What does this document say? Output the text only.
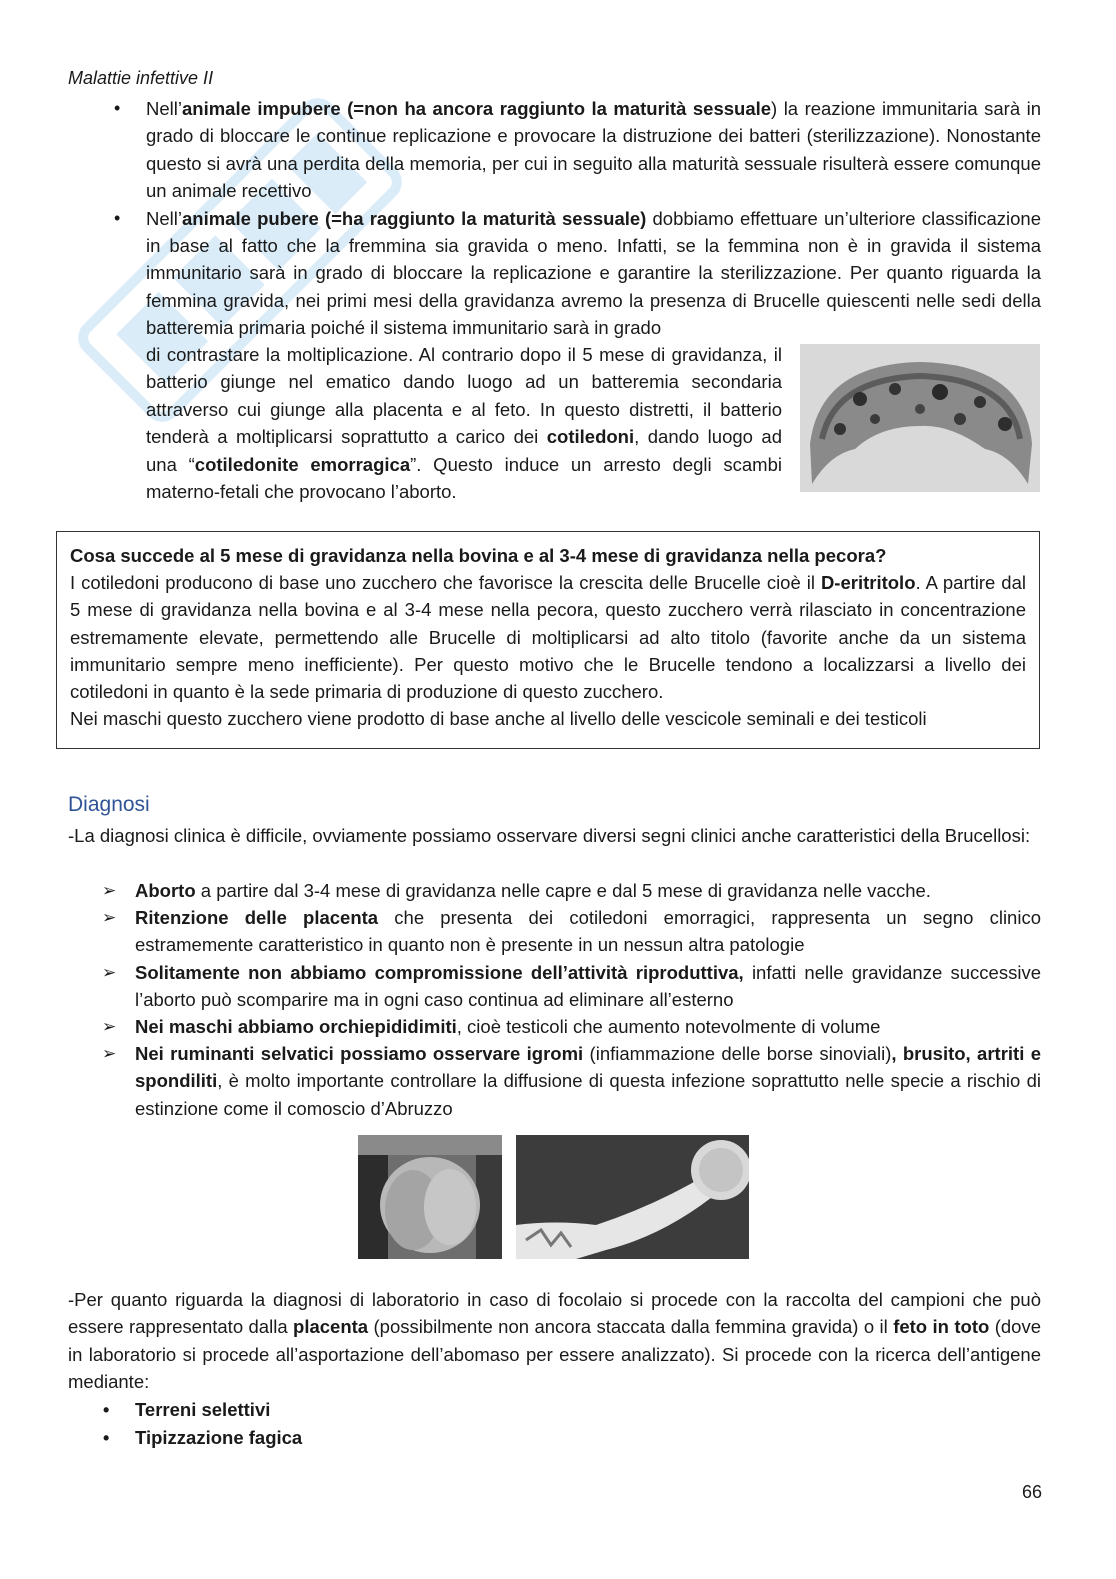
Malattie infettive II
• Nell’animale impubere (=non ha ancora raggiunto la maturità sessuale) la reazione immunitaria sarà in grado di bloccare le continue replicazione e provocare la distruzione dei batteri (sterilizzazione). Nonostante questo si avrà una perdita della memoria, per cui in seguito alla maturità sessuale risulterà essere comunque un animale recettivo
• Nell’animale pubere (=ha raggiunto la maturità sessuale) dobbiamo effettuare un’ulteriore classificazione in base al fatto che la fremmina sia gravida o meno. Infatti, se la femmina non è in gravida il sistema immunitario sarà in grado di bloccare la replicazione e garantire la sterilizzazione. Per quanto riguarda la femmina gravida, nei primi mesi della gravidanza avremo la presenza di Brucelle quiescenti nelle sedi della batteremia primaria poiché il sistema immunitario sarà in grado
di contrastare la moltiplicazione. Al contrario dopo il 5 mese di gravidanza, il batterio giunge nel ematico dando luogo ad un batteremia secondaria attraverso cui giunge alla placenta e al feto. In questo distretti, il batterio tenderà a moltiplicarsi soprattutto a carico dei cotiledoni, dando luogo ad una “cotiledonite emorragica”. Questo induce un arresto degli scambi materno-fetali che provocano l’aborto.

Cosa succede al 5 mese di gravidanza nella bovina e al 3-4 mese di gravidanza nella pecora?

I cotiledoni producono di base uno zucchero che favorisce la crescita delle Brucelle cioè il D-eritritolo. A partire dal 5 mese di gravidanza nella bovina e al 3-4 mese nella pecora, questo zucchero verrà rilasciato in concentrazione estremamente elevate, permettendo alle Brucelle di moltiplicarsi ad alto titolo (favorite anche da un sistema immunitario sempre meno inefficiente). Per questo motivo che le Brucelle tendono a localizzarsi a livello dei cotiledoni in quanto è la sede primaria di produzione di questo zucchero.

Nei maschi questo zucchero viene prodotto di base anche al livello delle vescicole seminali e dei testicoli

Diagnosi
-La diagnosi clinica è difficile, ovviamente possiamo osservare diversi segni clinici anche caratteristici della Brucellosi:
➢ Aborto a partire dal 3-4 mese di gravidanza nelle capre e dal 5 mese di gravidanza nelle vacche.
➢ Ritenzione delle placenta che presenta dei cotiledoni emorragici, rappresenta un segno clinico estramemente caratteristico in quanto non è presente in un nessun altra patologie
➢ Solitamente non abbiamo compromissione dell’attività riproduttiva, infatti nelle gravidanze successive l’aborto può scomparire ma in ogni caso continua ad eliminare all’esterno
➢ Nei maschi abbiamo orchiepididimiti, cioè testicoli che aumento notevolmente di volume
➢ Nei ruminanti selvatici possiamo osservare igromi (infiammazione delle borse sinoviali), brusito, artriti e spondiliti, è molto importante controllare la diffusione di questa infezione soprattutto nelle specie a rischio di estinzione come il comoscio d’Abruzzo
-Per quanto riguarda la diagnosi di laboratorio in caso di focolaio si procede con la raccolta del campioni che può essere rappresentato dalla placenta (possibilmente non ancora staccata dalla femmina gravida) o il feto in toto (dove in laboratorio si procede all’asportazione dell’abomaso per essere analizzato). Si procede con la ricerca dell’antigene mediante:
• Terreni selettivi
• Tipizzazione fagica
66
